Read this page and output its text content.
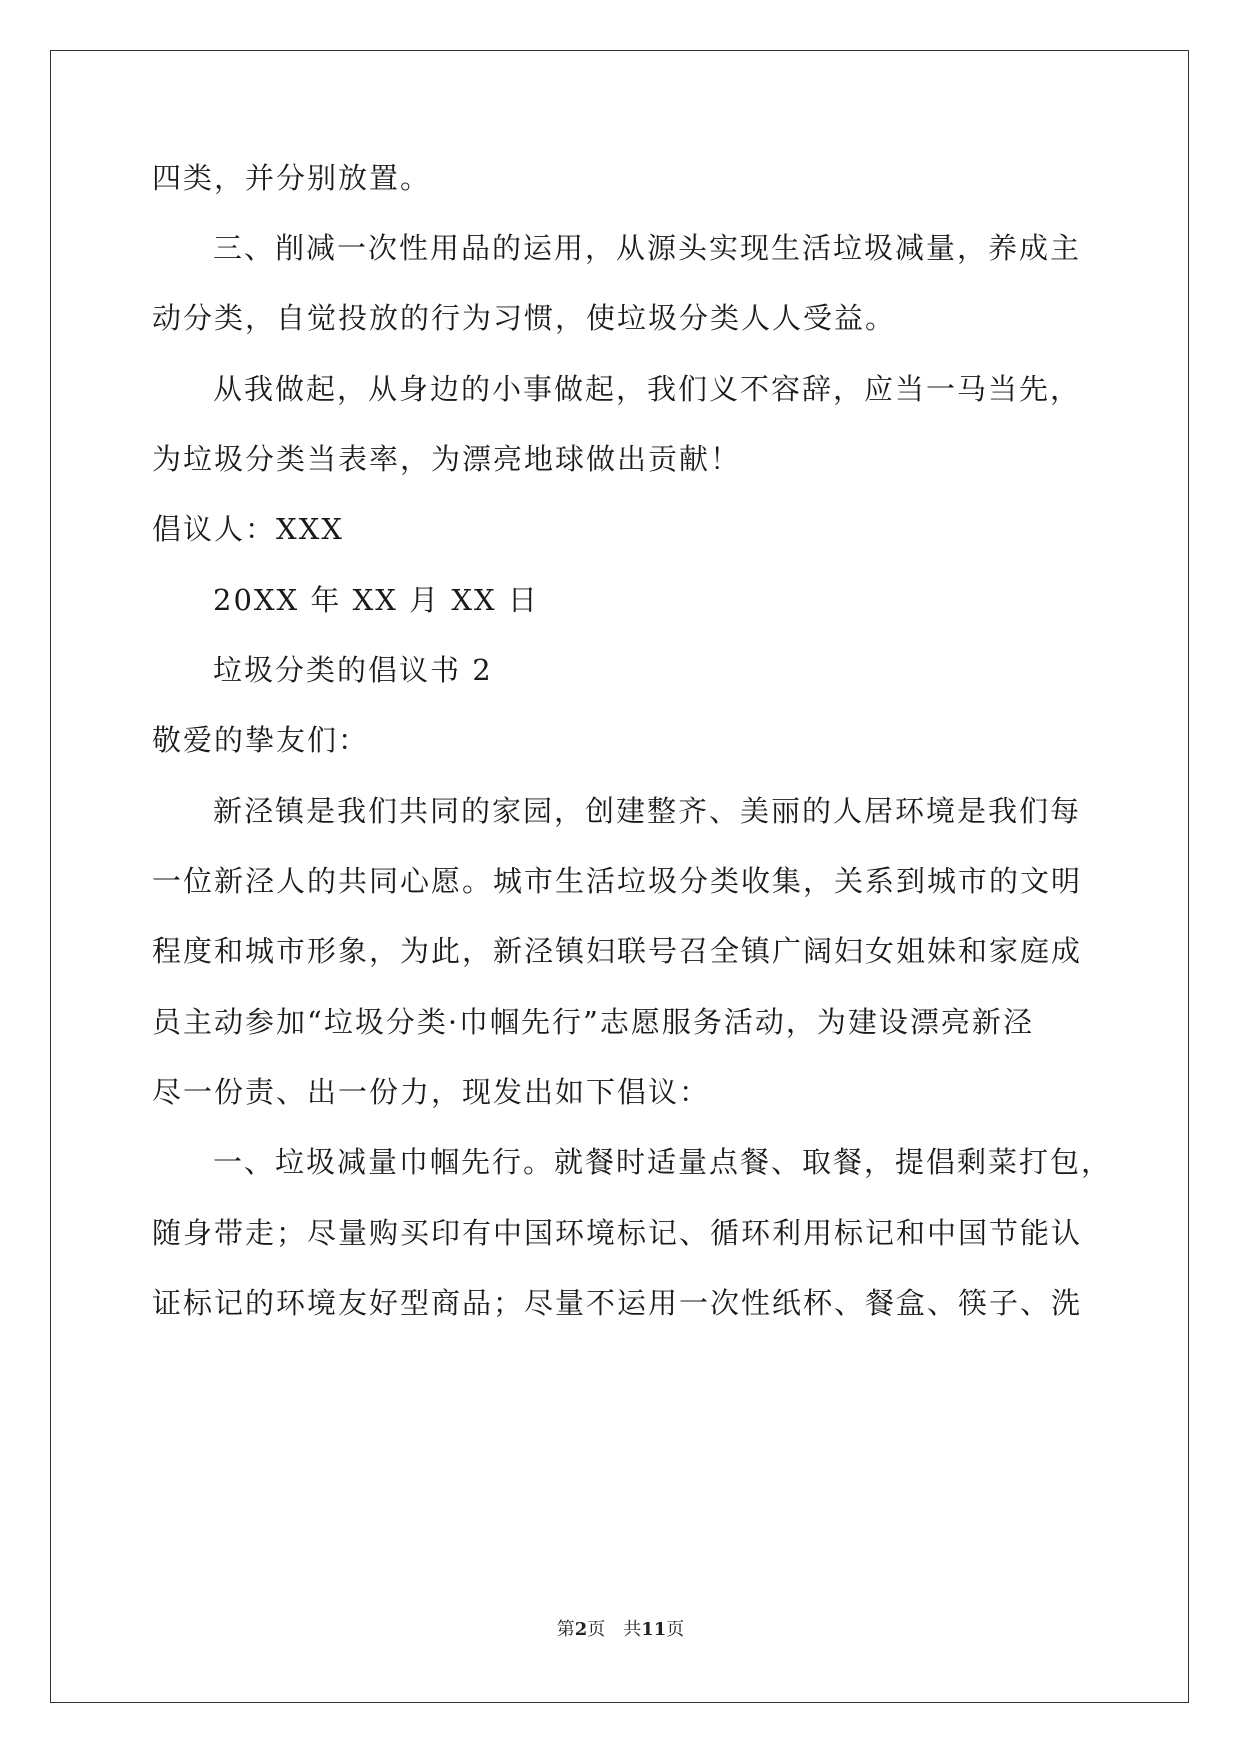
四类，并分别放置。
三、削减一次性用品的运用，从源头实现生活垃圾减量，养成主
动分类，自觉投放的行为习惯，使垃圾分类人人受益。
从我做起，从身边的小事做起，我们义不容辞，应当一马当先，
为垃圾分类当表率，为漂亮地球做出贡献！
倡议人：XXX
20XX 年 XX 月 XX 日
垃圾分类的倡议书 2
敬爱的挚友们：
新泾镇是我们共同的家园，创建整齐、美丽的人居环境是我们每
一位新泾人的共同心愿。城市生活垃圾分类收集，关系到城市的文明
程度和城市形象，为此，新泾镇妇联号召全镇广阔妇女姐妹和家庭成
员主动参加“垃圾分类·巾帼先行”志愿服务活动，为建设漂亮新泾
尽一份责、出一份力，现发出如下倡议：
一、垃圾减量巾帼先行。就餐时适量点餐、取餐，提倡剩菜打包，
随身带走；尽量购买印有中国环境标记、循环利用标记和中国节能认
证标记的环境友好型商品；尽量不运用一次性纸杯、餐盒、筷子、洗
第2页 共11页
